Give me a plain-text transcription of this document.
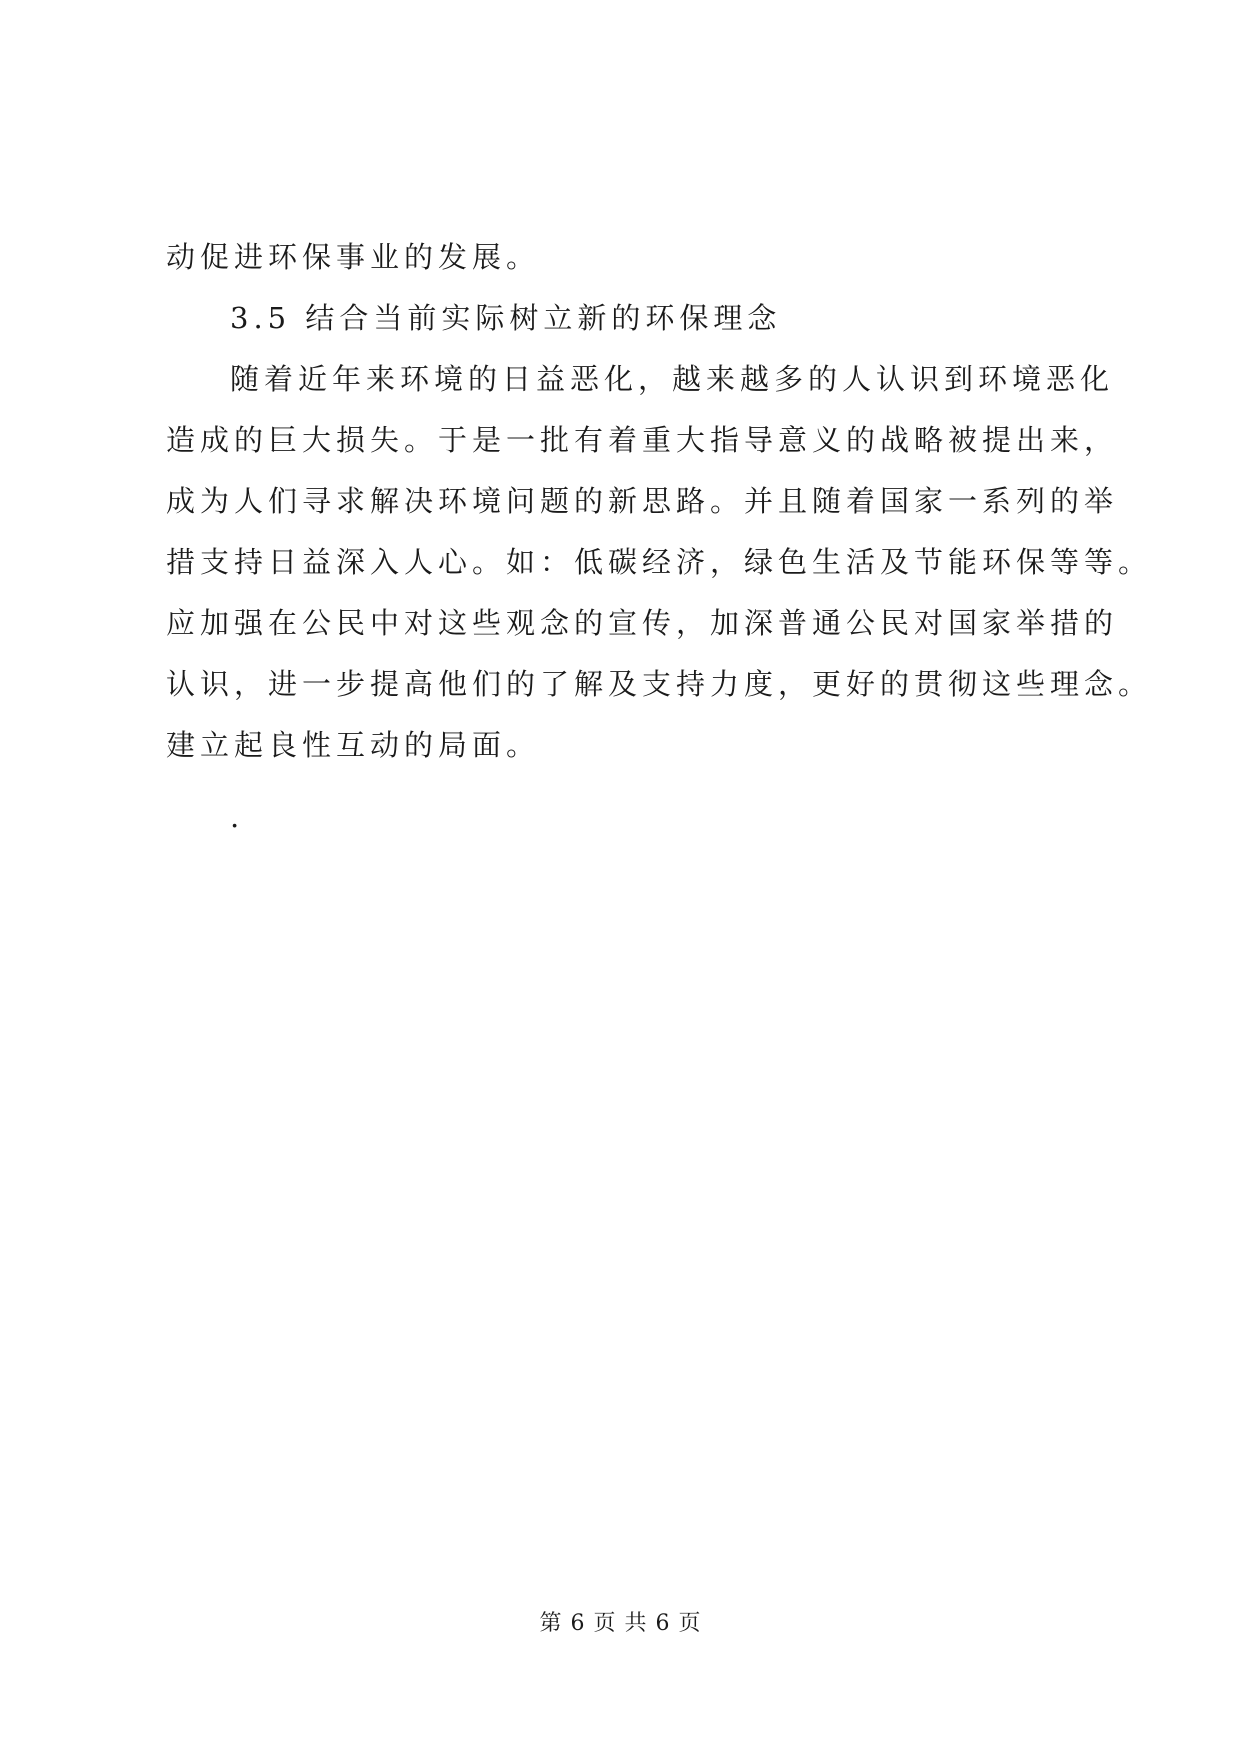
动促进环保事业的发展。
3.5 结合当前实际树立新的环保理念
随着近年来环境的日益恶化，越来越多的人认识到环境恶化
造成的巨大损失。于是一批有着重大指导意义的战略被提出来，
成为人们寻求解决环境问题的新思路。并且随着国家一系列的举
措支持日益深入人心。如：低碳经济，绿色生活及节能环保等等。
应加强在公民中对这些观念的宣传，加深普通公民对国家举措的
认识，进一步提高他们的了解及支持力度，更好的贯彻这些理念。
建立起良性互动的局面。
.
第 6 页 共 6 页
